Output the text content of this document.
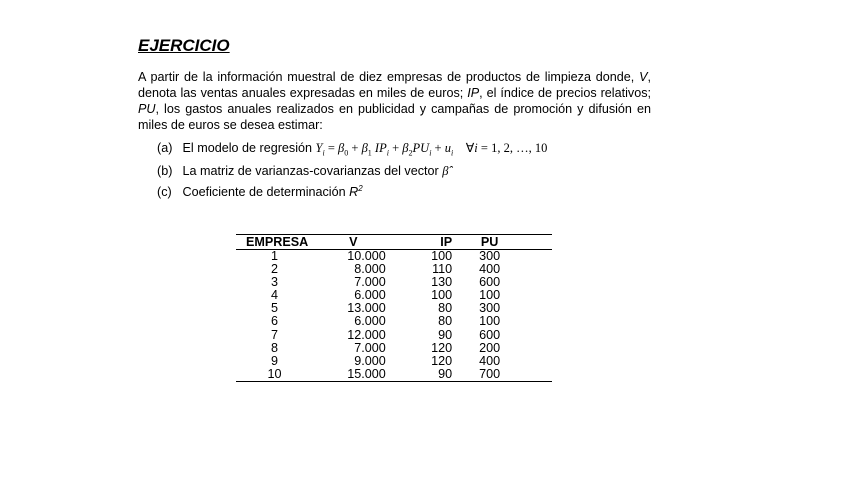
EJERCICIO
A partir de la información muestral de diez empresas de productos de limpieza donde, V, denota las ventas anuales expresadas en miles de euros; IP, el índice de precios relativos; PU, los gastos anuales realizados en publicidad y campañas de promoción y difusión en miles de euros se desea estimar:
(a) El modelo de regresión $Y_i = \beta_0 + \beta_1$ $IP_i + \beta_2PU_i + u_i$ ∀i = 1, 2, …, 10
(b) La matriz de varianzas-covarianzas del vector β̂
(c) Coeficiente de determinación $R^2$
EMPRESA	V	IP	PU
1	10.000	100	300
2	8.000	110	400
3	7.000	130	600
4	6.000	100	100
5	13.000	80	300
6	6.000	80	100
7	12.000	90	600
8	7.000	120	200
9	9.000	120	400
10	15.000	90	700
